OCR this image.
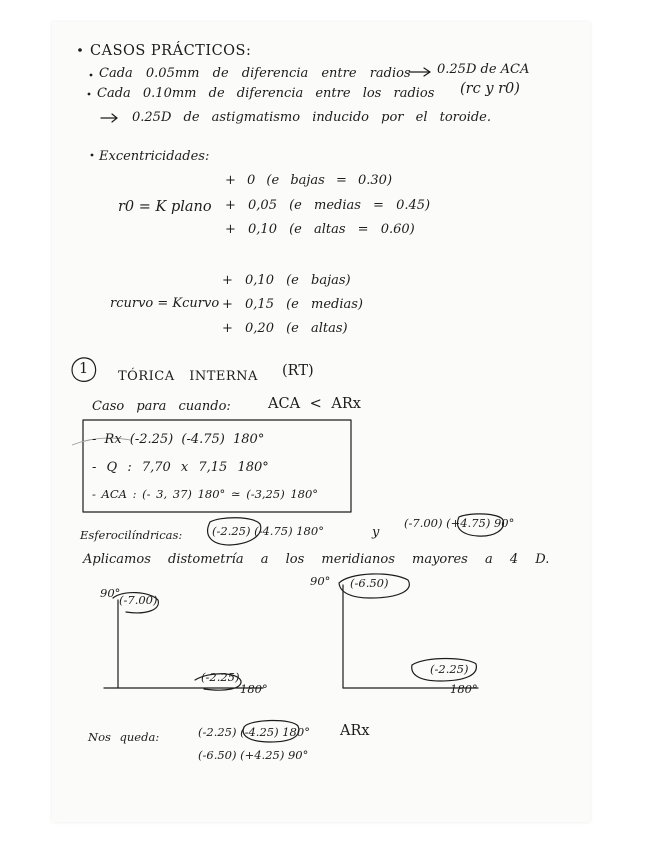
CASOS PRÁCTICOS:
Cada 0.05mm de diferencia entre radios 0.25D de ACA
Cada 0.10mm de diferencia entre los radios (rc y r0)
0.25D de astigmatismo inducido por el toroide.
Excentricidades:
r0 = K plano
+ 0 (e bajas = 0.30)
+ 0,05 (e medias = 0.45)
+ 0,10 (e altas = 0.60)
rcurvo = Kcurvo
+ 0,10 (e bajas)
+ 0,15 (e medias)
+ 0,20 (e altas)
1 TÓRICA INTERNA (RT)
Caso para cuando:	ACA < ARx
- Rx (-2.25) (-4.75) 180°
- Q : 7,70 x 7,15 180°
- ACA : (- 3, 37) 180° ≃ (-3,25) 180°
Esferocilíndricas:	(-2.25) (-4.75) 180°	y
(-7.00) (+4.75) 90°
Aplicamos distometría a los meridianos mayores a 4 D.
90°
(-7.00)
(-2.25)
180°
90° (-6.50)
(-2.25)
180°
Nos queda:	(-2.25) (-4.25) 180° ARx
(-6.50) (+4.25) 90°
